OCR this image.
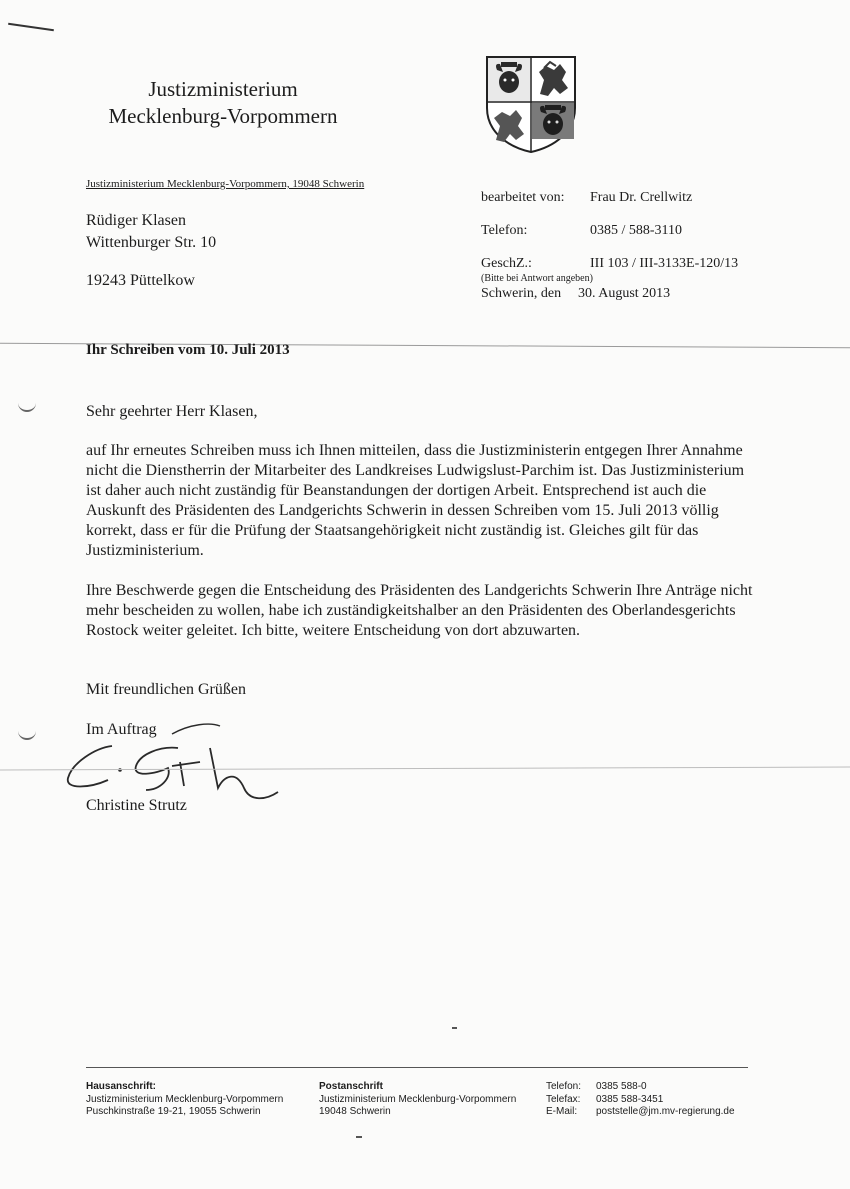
Justizministerium
Mecklenburg-Vorpommern
Justizministerium Mecklenburg-Vorpommern, 19048 Schwerin
Rüdiger Klasen
Wittenburger Str. 10
19243 Püttelkow
bearbeitet von: Frau Dr. Crellwitz
Telefon:	0385 / 588-3110
GeschZ.:	III 103 / III-3133E-120/13
(Bitte bei Antwort angeben)
Schwerin, den 30. August 2013
Ihr Schreiben vom 10. Juli 2013
Sehr geehrter Herr Klasen,

auf Ihr erneutes Schreiben muss ich Ihnen mitteilen, dass die Justizministerin entgegen Ihrer Annahme nicht die Dienstherrin der Mitarbeiter des Landkreises Ludwigslust-Parchim ist. Das Justizministerium ist daher auch nicht zuständig für Beanstandungen der dortigen Arbeit. Entsprechend ist auch die Auskunft des Präsidenten des Landgerichts Schwerin in dessen Schreiben vom 15. Juli 2013 völlig korrekt, dass er für die Prüfung der Staatsangehörigkeit nicht zuständig ist. Gleiches gilt für das Justizministerium.

Ihre Beschwerde gegen die Entscheidung des Präsidenten des Landgerichts Schwerin Ihre Anträge nicht mehr bescheiden zu wollen, habe ich zuständigkeitshalber an den Präsidenten des Oberlandesgerichts Rostock weiter geleitet. Ich bitte, weitere Entscheidung von dort abzuwarten.

Mit freundlichen Grüßen
Im Auftrag
Christine Strutz
Hausanschrift:
Justizministerium Mecklenburg-Vorpommern
Puschkinstraße 19-21, 19055 Schwerin
Postanschrift
Justizministerium Mecklenburg-Vorpommern
19048 Schwerin
Telefon:
Telefax:
E-Mail:
0385 588-0
0385 588-3451
poststelle@jm.mv-regierung.de
